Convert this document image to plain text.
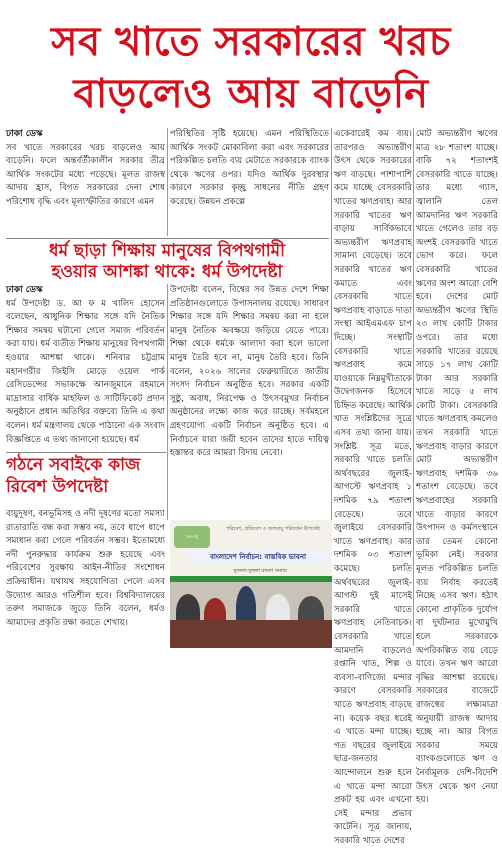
সব খাতে সরকারের খরচ
বাড়লেও আয় বাড়েনি

ঢাকা ডেস্ক

সব খাতে সরকারের খরচ বাড়লেও আয় বাড়েনি। ফলে অন্তর্বর্তীকালীন সরকার তীব্র আর্থিক সংকটের মধ্যে পড়েছে। মূলত রাজস্ব আদায় হ্রাস, বিগত সরকারের দেনা শোধ পরিশোধ বৃদ্ধি এবং মূল্যস্ফীতির কারণে এমন

পরিস্থিতির সৃষ্টি হয়েছে। এমন পরিস্থিতিতে আর্থিক সংকট মোকাবিলা করা এবং সরকারের পরিকল্পিত চলতি ব্যয় মেটাতে সরকারকে ব্যাংক থেকে ঋণের ওপর। যদিও আর্থিক দুরবস্থার কারণে সরকার কৃচ্ছ্র সাধনের নীতি গ্রহণ করেছে। উন্নয়ন প্রকল্পে

একেবারেই কম ব্যয়। তারপরও অভ্যন্তরীণ উৎস থেকে সরকারের ঋণ বাড়ছে। পাশাপাশি কমে যাচ্ছে বেসরকারি খাতের ঋণপ্রবাহ। আর সরকারি খাতের ঋণ বাড়ায় সার্বিকভাবে অভ্যন্তরীণ ঋণপ্রবাহ সামান্য বেড়েছে। তবে সরকারি খাতের ঋণ কমাতে এবং বেসরকারি খাতে ঋণপ্রবাহ বাড়াতে দাতা সংস্থা আইএমএফ চাপ দিচ্ছে। সংস্থাটি বেসরকারি খাতে ঋণপ্রবাহ কমে যাওয়াকে নিম্নমুখীতাকে উদ্বেগজনক হিসেবে চিহ্নিত করেছে। আর্থিক খাত সংশ্লিষ্টদের সূত্রে এসব তথ্য জানা যায়। সংশ্লিষ্ট সূত্র মতে, সরকারি খাতে চলতি অর্থবছরের জুলাই-আগস্টে ঋণপ্রবাহ ১ দশমিক ৭৯ শতাংশ বেড়েছে। তবে জুলাইয়ে বেসরকারি খাতে ঋণপ্রবাহ। কার দশমিক ০৩ শতাংশ কমেছে। চলতি অর্থবছরের জুলাই-আগস্ট দুই মাসেই সরকারি খাতে ঋণপ্রবাহ নেতিবাচক। বেসরকারি খাতে আমদানি বাড়লেও রপ্তানি খাত, শিল্প ও ব্যবসা-বাণিজ্যে মন্দার কারণে বেসরকারি খাতে ঋণপ্রবাহ বাড়ছে না। কয়েক বছর ধরেই এ খাতে মন্দা যাচ্ছে। গত বছরের জুলাইয়ে ছাত্র-জনতার আন্দোলনে শুরু হলে এ খাতে মন্দা আরো প্রকট হয় এবং এখনো সেই মন্দার প্রভাব কাটেনি। সূত্র জানায়, সরকারি খাতে দেশের

মোট অভ্যন্তরীণ ঋণের মাত্র ২৮ শতাংশ যাচ্ছে। বাকি ৭২ শতাংশই বেসরকারি খাতে যাচ্ছে। তার মধ্যে গ্যাস, জ্বালানি তেল আমদানির ঋণ সরকারি খাতে গেলেও তার বড় অংশই বেসরকারি খাতে ভোগ করে। ফলে বেসরকারি খাতের ঋণের অংশ আরো বেশি হবে। দেশের মোট অভ্যন্তরীণ ঋণের স্থিতি ২৩ লাখ কোটি টাকার ওপরে। তার মধ্যে সরকারি খাতের রয়েছে সাড়ে ১৭ লাখ কোটি টাকা আর সরকারি খাতে সাড়ে ৫ লাখ কোটি টাকা। বেসরকারি খাতে ঋণপ্রবাহ কমলেও তখন সরকারি খাতে ঋণপ্রবাহ বাড়ার কারণে মোট অভ্যন্তরীণ ঋণপ্রবাহ দশমিক ৩৬ শতাংশ বেড়েছে। তবে ঋণপ্রবাহের সরকারি খাতে বাড়ার কারণে উৎপাদন ও কর্মসংস্থানে তার তেমন কোনো ভূমিকা নেই। সরকার মূলত পরিকল্পিত চলতি ব্যয় নির্বাহ করতেই নিচ্ছে এসব ঋণ। হঠাৎ কোনো প্রাকৃতিক দুর্যোগ বা দুর্ঘটনার মুখোমুখি হলে সরকারকে অপরিকল্পিত ব্যয় বেড়ে যাবে। তখন ঋণ আরো বৃদ্ধির আশঙ্কা রয়েছে। সরকারের বাজেটে রাজস্বের লক্ষ্যমাত্রা অনুযায়ী রাজস্ব আদায় হচ্ছে না। আর বিগত সরকার সময়ে ব্যাংকগুলোতে ঋণ ও নৈর্ব্যমূলক দেশি-বিদেশি উৎস থেকে ঋণ নেয়া হয়।

ধর্ম ছাড়া শিক্ষায় মানুষের বিপথগামী
হওয়ার আশঙ্কা থাকে: ধর্ম উপদেষ্টা

ঢাকা ডেস্ক

ধর্ম উপদেষ্টা ড. আ ফ ম খালিদ হোসেন বলেছেন, আধুনিক শিক্ষার সঙ্গে যদি নৈতিক শিক্ষার সমন্বয় ঘটানো গেলে সমাজ পরিবর্তন করা যায়। ধর্ম ব্যতীত শিক্ষায় মানুষের বিপথগামী হওয়ার আশঙ্কা থাকে। শনিবার চট্টগ্রাম মহানগরীর জিইসি মোড়ে ওয়েল পার্ক রেসিডেন্সের সভাকক্ষে আনজুমানে রহমানে মাদ্রাসার বার্ষিক মাহফিল ও সাটিফিকেট প্রদান অনুষ্ঠানে প্রধান অতিথির বক্তব্যে তিনি এ কথা বলেন। ধর্ম মন্ত্রণালয় থেকে পাঠানো এক সংবাদ বিজ্ঞপ্তিতে এ তথ্য জানানো হয়েছে। ধর্ম

উপদেষ্টা বলেন, বিশ্বের সব উন্নত দেশে শিক্ষা প্রতিষ্ঠানগুলোতে উপাসনালয় রয়েছে। সাধারণ শিক্ষার সঙ্গে যদি শিক্ষার সমন্বয় করা না হলে মানুষ নৈতিক অবক্ষয়ে জড়িয়ে যেতে পারে। শিক্ষা থেকে ধর্মকে আলাদা করা হলে ভালো মানুষ তৈরি হবে না, মানুষ তৈরি হবে। তিনি বলেন, ২০২৬ সালের ফেব্রুয়ারিতে জাতীয় সংসদ নির্বাচন অনুষ্ঠিত হবে। সরকার একটি সুষ্ঠু, অবাধ, নিরপেক্ষ ও উৎসবমুখর নির্বাচন অনুষ্ঠানের লক্ষ্যে কাজ করে যাচ্ছে। সর্বমহলে গ্রহণযোগ্য একটি নির্বাচন অনুষ্ঠিত হবে। এ নির্বাচনে যারা জয়ী হবেন তাদের হাতে দায়িত্ব হস্তান্তর করে আমরা বিদায় নেবো।

গঠনে সবাইকে কাজ
রিবেশ উপদেষ্টা

বায়ুদূষণ, বনভূমিসহ ও নদী দূষণের মতো সমস্যা রাতারাতি বন্ধ করা সম্ভব নয়, তবে ধাপে ধাপে সমাধান করা গেলে পরিবর্তন সম্ভব। ইতোমধ্যে নদী পুনরুদ্ধার কার্যক্রম শুরু হয়েছে এবং পরিবেশের সুরক্ষায় আইন-নীতির সংশোধন প্রক্রিয়াধীন। যথাযথ সহযোগিতা পেলে এসব উদ্যোগ আরও গতিশীল হবে। বিশ্ববিদ্যালয়ের তরুণ সমাজকে জুড়ে তিনি বলেন, ধর্মও আমাদের প্রকৃতি রক্ষা করতে শেখায়।

জলবায়ু
পরিবেশ, প্রতিবেশ ও জলবায়ু পরিবর্তন উপদেষ্টা
বাংলাদেশ নির্বাচন: বাস্তবিক ভাবনা
সুজলা-সুফলা বাংলা সমাজ
